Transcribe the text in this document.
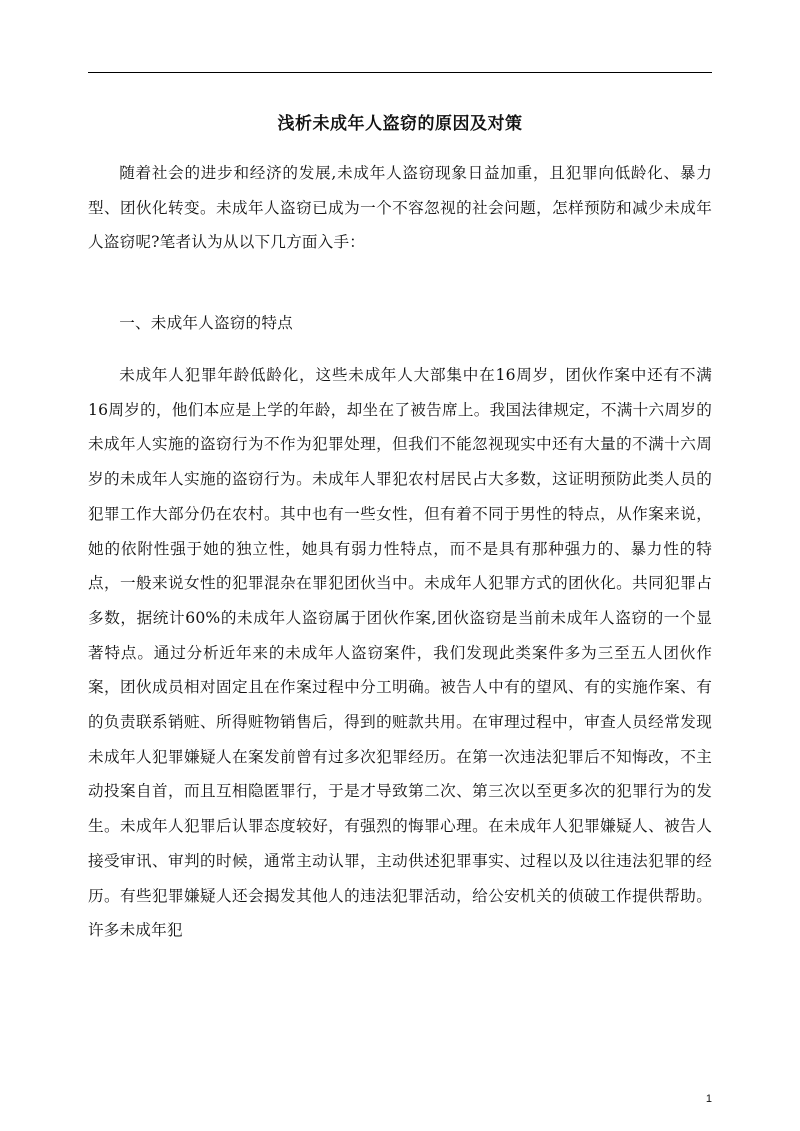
浅析未成年人盗窃的原因及对策

随着社会的进步和经济的发展,未成年人盗窃现象日益加重，且犯罪向低龄化、暴力型、团伙化转变。未成年人盗窃已成为一个不容忽视的社会问题，怎样预防和减少未成年人盗窃呢?笔者认为从以下几方面入手：

一、未成年人盗窃的特点

未成年人犯罪年龄低龄化，这些未成年人大部集中在16周岁，团伙作案中还有不满16周岁的，他们本应是上学的年龄，却坐在了被告席上。我国法律规定，不满十六周岁的未成年人实施的盗窃行为不作为犯罪处理，但我们不能忽视现实中还有大量的不满十六周岁的未成年人实施的盗窃行为。未成年人罪犯农村居民占大多数，这证明预防此类人员的犯罪工作大部分仍在农村。其中也有一些女性，但有着不同于男性的特点，从作案来说，她的依附性强于她的独立性，她具有弱力性特点，而不是具有那种强力的、暴力性的特点，一般来说女性的犯罪混杂在罪犯团伙当中。未成年人犯罪方式的团伙化。共同犯罪占多数，据统计60%的未成年人盗窃属于团伙作案,团伙盗窃是当前未成年人盗窃的一个显著特点。通过分析近年来的未成年人盗窃案件，我们发现此类案件多为三至五人团伙作案，团伙成员相对固定且在作案过程中分工明确。被告人中有的望风、有的实施作案、有的负责联系销赃、所得赃物销售后，得到的赃款共用。在审理过程中，审查人员经常发现未成年人犯罪嫌疑人在案发前曾有过多次犯罪经历。在第一次违法犯罪后不知悔改，不主动投案自首，而且互相隐匿罪行，于是才导致第二次、第三次以至更多次的犯罪行为的发生。未成年人犯罪后认罪态度较好，有强烈的悔罪心理。在未成年人犯罪嫌疑人、被告人接受审讯、审判的时候，通常主动认罪，主动供述犯罪事实、过程以及以往违法犯罪的经历。有些犯罪嫌疑人还会揭发其他人的违法犯罪活动，给公安机关的侦破工作提供帮助。许多未成年犯

1
